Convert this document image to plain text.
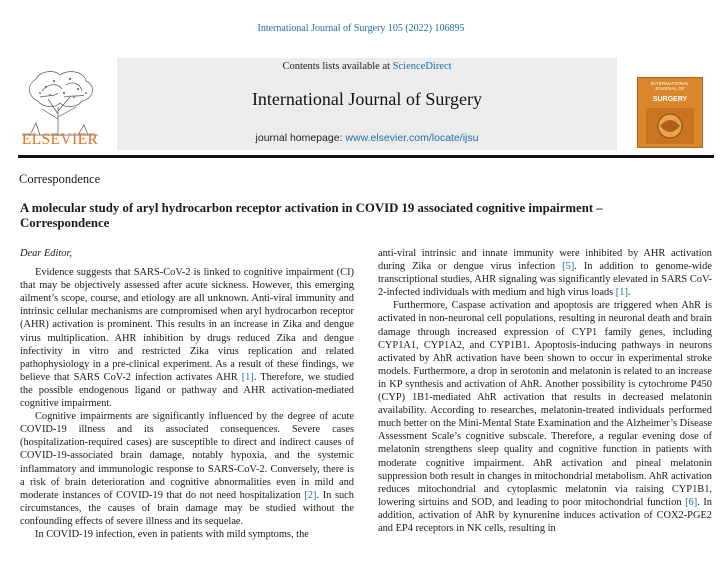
International Journal of Surgery 105 (2022) 106895
ELSEVIER
Contents lists available at ScienceDirect
International Journal of Surgery
journal homepage: www.elsevier.com/locate/ijsu
INTERNATIONAL
JOURNAL OF
SURGERY
Correspondence
A molecular study of aryl hydrocarbon receptor activation in COVID 19 associated cognitive impairment – Correspondence

Dear Editor,

Evidence suggests that SARS-CoV-2 is linked to cognitive impairment (CI) that may be objectively assessed after acute sickness. However, this emerging ailment’s scope, course, and etiology are all unknown. Anti-viral immunity and intrinsic cellular mechanisms are compromised when aryl hydrocarbon receptor (AHR) activation is prominent. This results in an increase in Zika and dengue virus multiplication. AHR inhibition by drugs reduced Zika and dengue infectivity in vitro and restricted Zika virus replication and related pathophysiology in a pre-clinical experiment. As a result of these findings, we believe that SARS CoV-2 infection activates AHR [1]. Therefore, we studied the possible endogenous ligand or pathway and AHR activation-mediated cognitive impairment.

Cognitive impairments are significantly influenced by the degree of acute COVID-19 illness and its associated consequences. Severe cases (hospitalization-required cases) are susceptible to direct and indirect causes of COVID-19-associated brain damage, notably hypoxia, and the systemic inflammatory and immunologic response to SARS-CoV-2. Conversely, there is a risk of brain deterioration and cognitive abnormalities even in mild and moderate instances of COVID-19 that do not need hospitalization [2]. In such circumstances, the causes of brain damage may be studied without the confounding effects of severe illness and its sequelae.

In COVID-19 infection, even in patients with mild symptoms, the

anti-viral intrinsic and innate immunity were inhibited by AHR activation during Zika or dengue virus infection [5]. In addition to genome-wide transcriptional studies, AHR signaling was significantly elevated in SARS CoV-2-infected individuals with medium and high virus loads [1].

Furthermore, Caspase activation and apoptosis are triggered when AhR is activated in non-neuronal cell populations, resulting in neuronal death and brain damage through increased expression of CYP1 family genes, including CYP1A1, CYP1A2, and CYP1B1. Apoptosis-inducing pathways in neurons activated by AhR activation have been shown to occur in experimental stroke models. Furthermore, a drop in serotonin and melatonin is related to an increase in KP synthesis and activation of AhR. Another possibility is cytochrome P450 (CYP) 1B1-mediated AhR activation that results in decreased melatonin availability. According to researches, melatonin-treated individuals performed much better on the Mini-Mental State Examination and the Alzheimer’s Disease Assessment Scale’s cognitive subscale. Therefore, a regular evening dose of melatonin strengthens sleep quality and cognitive function in patients with moderate cognitive impairment. AhR activation and pineal melatonin suppression both result in changes in mitochondrial metabolism. AhR activation reduces mitochondrial and cytoplasmic melatonin via raising CYP1B1, lowering sirtuins and SOD, and leading to poor mitochondrial function [6]. In addition, activation of AhR by kynurenine induces activation of COX2-PGE2 and EP4 receptors in NK cells, resulting in
